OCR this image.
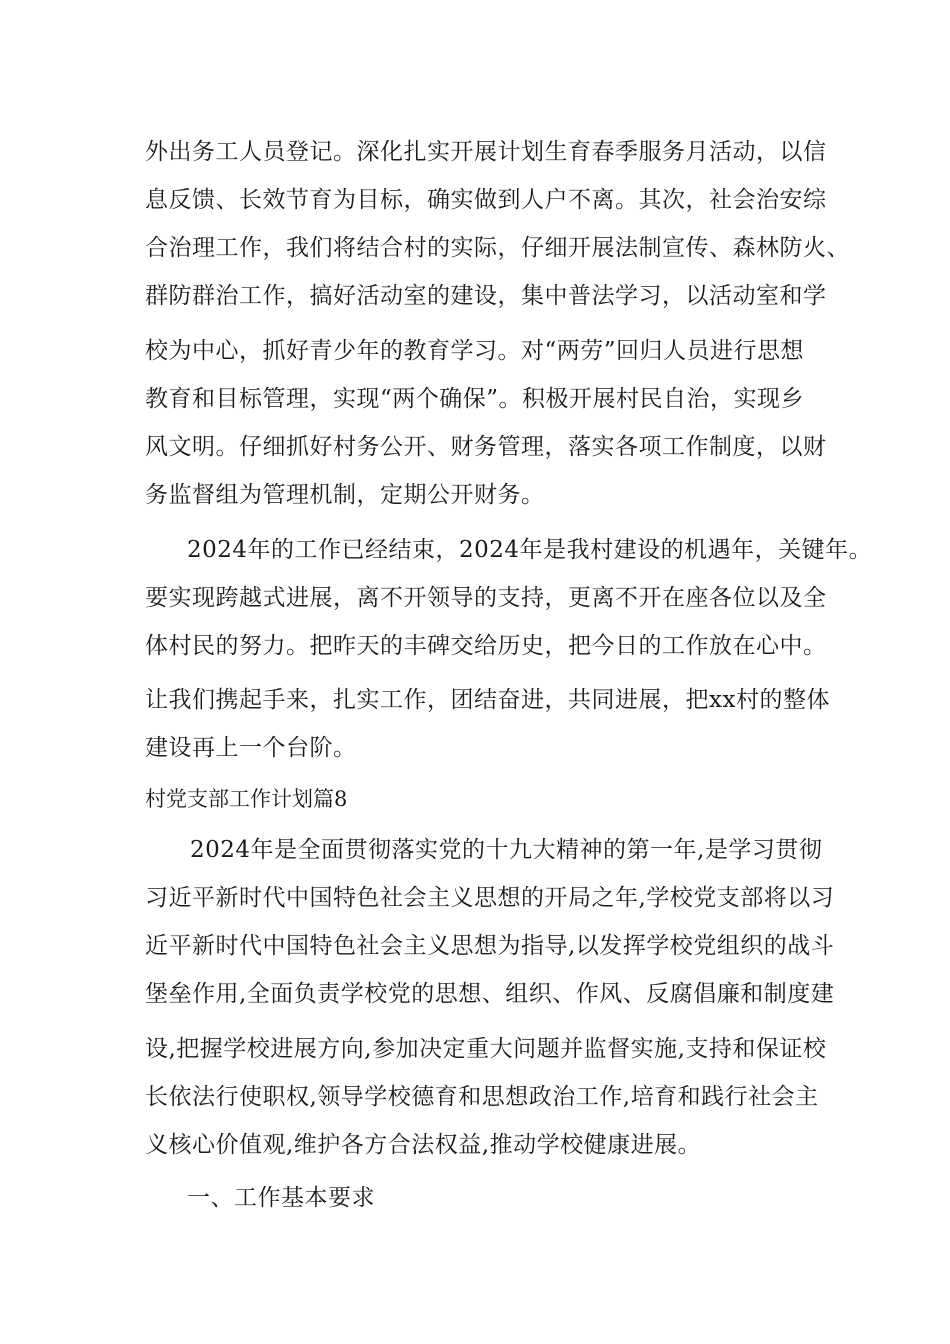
外出务工人员登记。深化扎实开展计划生育春季服务月活动，以信
息反馈、长效节育为目标，确实做到人户不离。其次，社会治安综
合治理工作，我们将结合村的实际，仔细开展法制宣传、森林防火、
群防群治工作，搞好活动室的建设，集中普法学习，以活动室和学
校为中心，抓好青少年的教育学习。对“两劳”回归人员进行思想
教育和目标管理，实现“两个确保”。积极开展村民自治，实现乡
风文明。仔细抓好村务公开、财务管理，落实各项工作制度，以财
务监督组为管理机制，定期公开财务。
2024年的工作已经结束，2024年是我村建设的机遇年，关键年。
要实现跨越式进展，离不开领导的支持，更离不开在座各位以及全
体村民的努力。把昨天的丰碑交给历史，把今日的工作放在心中。
让我们携起手来，扎实工作，团结奋进，共同进展，把xx村的整体
建设再上一个台阶。
村党支部工作计划篇8
2024年是全面贯彻落实党的十九大精神的第一年,是学习贯彻
习近平新时代中国特色社会主义思想的开局之年,学校党支部将以习
近平新时代中国特色社会主义思想为指导,以发挥学校党组织的战斗
堡垒作用,全面负责学校党的思想、组织、作风、反腐倡廉和制度建
设,把握学校进展方向,参加决定重大问题并监督实施,支持和保证校
长依法行使职权,领导学校德育和思想政治工作,培育和践行社会主
义核心价值观,维护各方合法权益,推动学校健康进展。
一、工作基本要求
